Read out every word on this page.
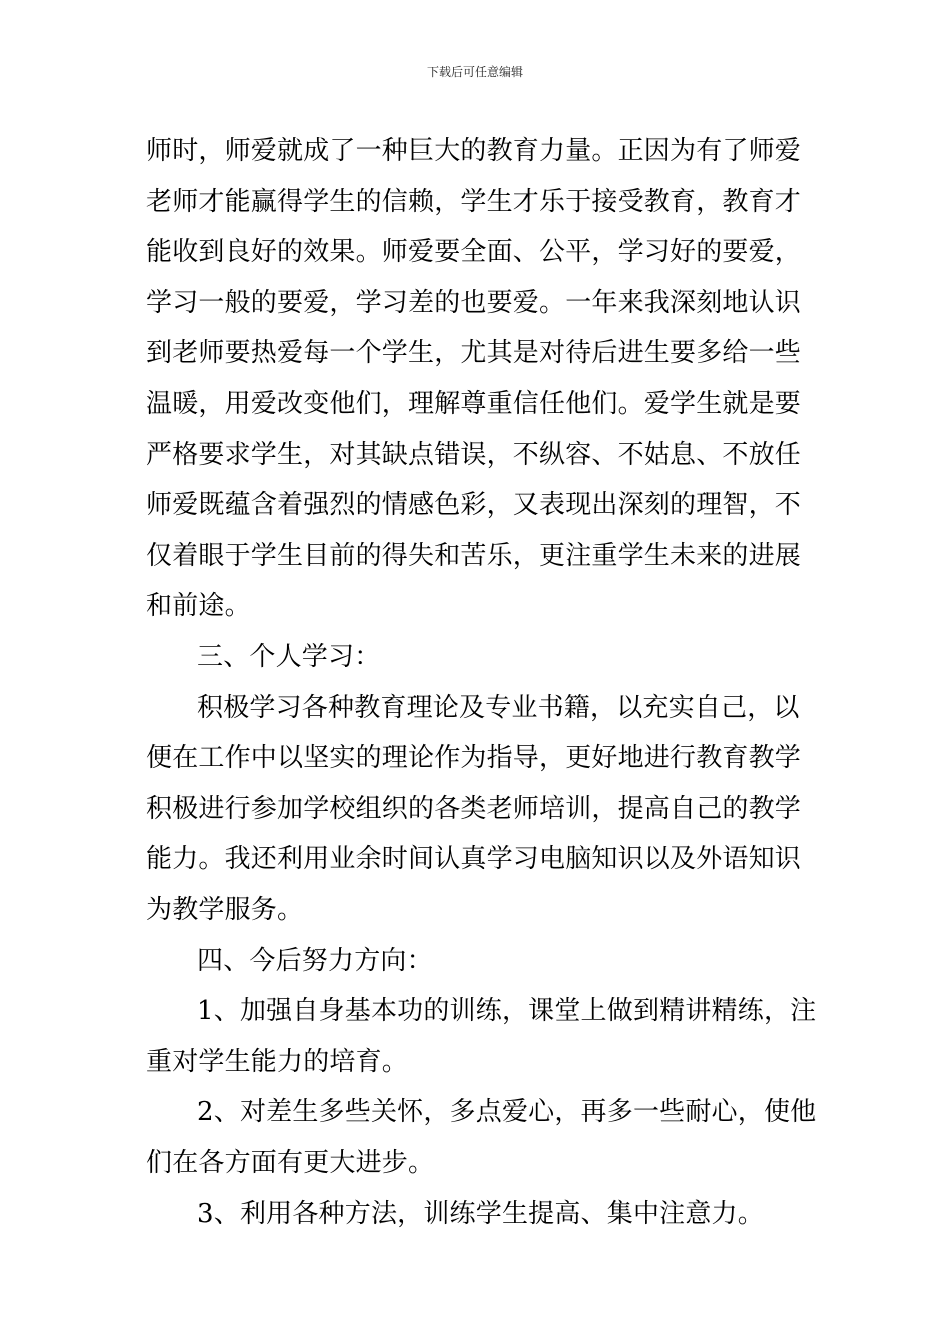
下载后可任意编辑
师时，师爱就成了一种巨大的教育力量。正因为有了师爱
老师才能赢得学生的信赖，学生才乐于接受教育，教育才
能收到良好的效果。师爱要全面、公平，学习好的要爱，
学习一般的要爱，学习差的也要爱。一年来我深刻地认识
到老师要热爱每一个学生，尤其是对待后进生要多给一些
温暖，用爱改变他们，理解尊重信任他们。爱学生就是要
严格要求学生，对其缺点错误，不纵容、不姑息、不放任
师爱既蕴含着强烈的情感色彩，又表现出深刻的理智，不
仅着眼于学生目前的得失和苦乐，更注重学生未来的进展
和前途。
三、个人学习：
积极学习各种教育理论及专业书籍，以充实自己，以
便在工作中以坚实的理论作为指导，更好地进行教育教学
积极进行参加学校组织的各类老师培训，提高自己的教学
能力。我还利用业余时间认真学习电脑知识以及外语知识
为教学服务。
四、今后努力方向：
1、加强自身基本功的训练，课堂上做到精讲精练，注
重对学生能力的培育。
2、对差生多些关怀，多点爱心，再多一些耐心，使他
们在各方面有更大进步。
3、利用各种方法，训练学生提高、集中注意力。
